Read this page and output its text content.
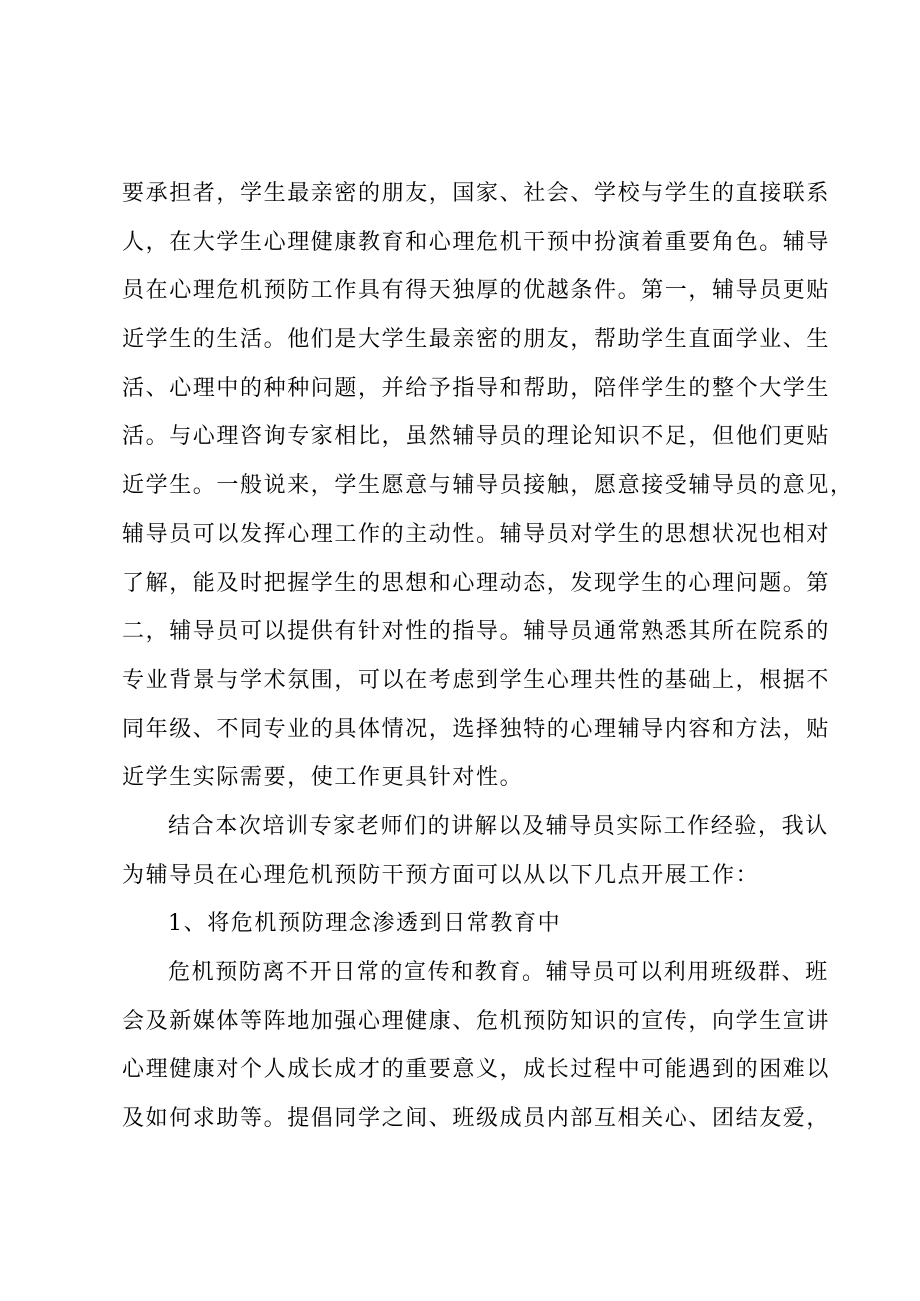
要承担者，学生最亲密的朋友，国家、社会、学校与学生的直接联系
人，在大学生心理健康教育和心理危机干预中扮演着重要角色。辅导
员在心理危机预防工作具有得天独厚的优越条件。第一，辅导员更贴
近学生的生活。他们是大学生最亲密的朋友，帮助学生直面学业、生
活、心理中的种种问题，并给予指导和帮助，陪伴学生的整个大学生
活。与心理咨询专家相比，虽然辅导员的理论知识不足，但他们更贴
近学生。一般说来，学生愿意与辅导员接触，愿意接受辅导员的意见，
辅导员可以发挥心理工作的主动性。辅导员对学生的思想状况也相对
了解，能及时把握学生的思想和心理动态，发现学生的心理问题。第
二，辅导员可以提供有针对性的指导。辅导员通常熟悉其所在院系的
专业背景与学术氛围，可以在考虑到学生心理共性的基础上，根据不
同年级、不同专业的具体情况，选择独特的心理辅导内容和方法，贴
近学生实际需要，使工作更具针对性。
结合本次培训专家老师们的讲解以及辅导员实际工作经验，我认
为辅导员在心理危机预防干预方面可以从以下几点开展工作：
1、将危机预防理念渗透到日常教育中
危机预防离不开日常的宣传和教育。辅导员可以利用班级群、班
会及新媒体等阵地加强心理健康、危机预防知识的宣传，向学生宣讲
心理健康对个人成长成才的重要意义，成长过程中可能遇到的困难以
及如何求助等。提倡同学之间、班级成员内部互相关心、团结友爱，
